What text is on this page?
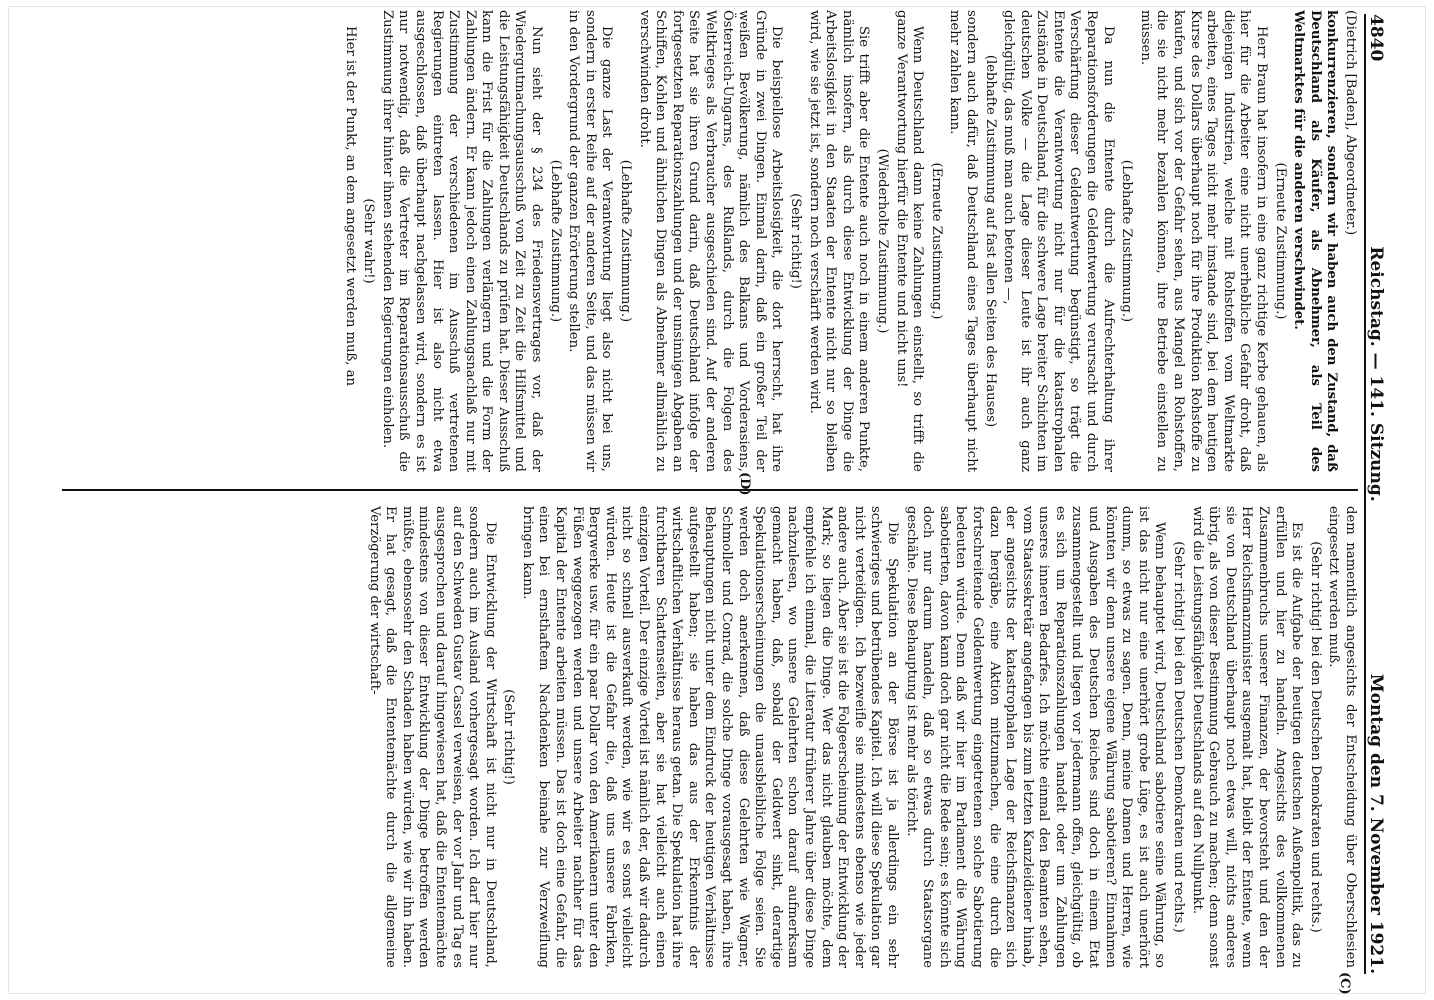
4840
Reichstag. — 141. Sitzung.
Montag den 7. November 1921.
(C)
(D)

(Dietrich [Baden], Abgeordneter.)

konkurrenzieren, sondern wir haben auch den Zustand, daß Deutschland als Käufer, als Abnehmer, als Teil des Weltmarktes für die anderen verschwindet.

(Erneute Zustimmung.)

Herr Braun hat insofern in eine ganz richtige Kerbe gehauen, als hier für die Arbeiter eine nicht unerhebliche Gefahr droht, daß diejenigen Industrien, welche mit Rohstoffen vom Weltmarkte arbeiten, eines Tages nicht mehr imstande sind, bei dem heutigen Kurse des Dollars überhaupt noch für ihre Produktion Rohstoffe zu kaufen, und sich vor der Gefahr sehen, aus Mangel an Rohstoffen, die sie nicht mehr bezahlen können, ihre Betriebe einstellen zu müssen.

(Lebhafte Zustimmung.)

Da nun die Entente durch die Aufrechterhaltung ihrer Reparationsforderungen die Geldentwertung verursacht und durch Verschärfung dieser Geldentwertung begünstigt, so trägt die Entente die Verantwortung nicht nur für die katastrophalen Zustände in Deutschland, für die schwere Lage breiter Schichten im deutschen Volke — die Lage dieser Leute ist ihr auch ganz gleichgültig, das muß man auch betonen —,

(lebhafte Zustimmung auf fast allen Seiten des Hauses)

sondern auch dafür, daß Deutschland eines Tages überhaupt nicht mehr zahlen kann.

(Erneute Zustimmung.)

Wenn Deutschland dann keine Zahlungen einstellt, so trifft die ganze Verantwortung hierfür die Entente und nicht uns!

(Wiederholte Zustimmung.)

Sie trifft aber die Entente auch noch in einem anderen Punkte, nämlich insofern, als durch diese Entwicklung der Dinge die Arbeitslosigkeit in den Staaten der Entente nicht nur so bleiben wird, wie sie jetzt ist, sondern noch verschärft werden wird.

(Sehr richtig!)

Die beispiellose Arbeitslosigkeit, die dort herrscht, hat ihre Gründe in zwei Dingen. Einmal darin, daß ein großer Teil der weißen Bevölkerung, nämlich des Balkans und Vorderasiens, Österreich-Ungarns, des Rußlands, durch die Folgen des Weltkrieges als Verbraucher ausgeschieden sind. Auf der anderen Seite hat sie ihren Grund darin, daß Deutschland infolge der fortgesetzten Reparationszahlungen und der unsinnigen Abgaben an Schiffen, Kohlen und ähnlichen Dingen als Abnehmer allmählich zu verschwinden droht.

(Lebhafte Zustimmung.)

Die ganze Last der Verantwortung liegt also nicht bei uns, sondern in erster Reihe auf der anderen Seite, und das müssen wir in den Vordergrund der ganzen Erörterung stellen.

(Lebhafte Zustimmung.)

Nun sieht der § 234 des Friedensvertrages vor, daß der Wiedergutmachungsausschuß von Zeit zu Zeit die Hilfsmittel und die Leistungsfähigkeit Deutschlands zu prüfen hat. Dieser Ausschuß kann die Frist für die Zahlungen verlängern und die Form der Zahlungen ändern. Er kann jedoch einen Zahlungsnachlaß nur mit Zustimmung der verschiedenen im Ausschuß vertretenen Regierungen eintreten lassen. Hier ist also nicht etwa ausgeschlossen, daß überhaupt nachgelassen wird, sondern es ist nur notwendig, daß die Vertreter im Reparationsausschuß die Zustimmung ihrer hinter ihnen stehenden Regierungen einholen.

(Sehr wahr!)

Hier ist der Punkt, an dem angesetzt werden muß, an

dem namentlich angesichts der Entscheidung über Oberschlesien eingesetzt werden muß.

(Sehr richtig! bei den Deutschen Demokraten und rechts.)

Es ist die Aufgabe der heutigen deutschen Außenpolitik, das zu erfüllen und hier zu handeln. Angesichts des vollkommenen Zusammenbruchs unserer Finanzen, der bevorsteht und den der Herr Reichsfinanzminister ausgemalt hat, bleibt der Entente, wenn sie von Deutschland überhaupt noch etwas will, nichts anderes übrig, als von dieser Bestimmung Gebrauch zu machen; denn sonst wird die Leistungsfähigkeit Deutschlands auf den Nullpunkt.

(Sehr richtig! bei den Deutschen Demokraten und rechts.)

Wenn behauptet wird, Deutschland sabotiere seine Währung, so ist das nicht nur eine unerhört grobe Lüge, es ist auch unerhört dumm, so etwas zu sagen. Denn, meine Damen und Herren, wie könnten wir denn unsere eigene Währung sabotieren? Einnahmen und Ausgaben des Deutschen Reiches sind doch in einem Etat zusammengestellt und liegen vor jedermann offen, gleichgültig, ob es sich um Reparationszahlungen handelt oder um Zahlungen unseres inneren Bedarfes. Ich möchte einmal den Beamten sehen, vom Staatssekretär angefangen bis zum letzten Kanzleidiener hinab, der angesichts der katastrophalen Lage der Reichsfinanzen sich dazu hergäbe, eine Aktion mitzumachen, die eine durch die fortschreitende Geldentwertung eingetretenen solche Sabotierung bedeuten würde. Denn daß wir hier im Parlament die Währung sabotierten, davon kann doch gar nicht die Rede sein; es könnte sich doch nur darum handeln, daß so etwas durch Staatsorgane geschähe. Diese Behauptung ist mehr als töricht.

Die Spekulation an der Börse ist ja allerdings ein sehr schwieriges und betrübendes Kapitel. Ich will diese Spekulation gar nicht verteidigen. Ich bezweifle sie mindestens ebenso wie jeder andere auch. Aber sie ist die Folgeerscheinung der Entwicklung der Mark; so liegen die Dinge. Wer das nicht glauben möchte, dem empfehle ich einmal, die Literatur früherer Jahre über diese Dinge nachzulesen, wo unsere Gelehrten schon darauf aufmerksam gemacht haben, daß, sobald der Geldwert sinkt, derartige Spekulationserscheinungen die unausbleibliche Folge seien. Sie werden doch anerkennen, daß diese Gelehrten wie Wagner, Schmoller und Conrad, die solche Dinge vorausgesagt haben, ihre Behauptungen nicht unter dem Eindruck der heutigen Verhältnisse aufgestellt haben; sie haben das aus der Erkenntnis der wirtschaftlichen Verhältnisse heraus getan. Die Spekulation hat ihre furchtbaren Schattenseiten, aber sie hat vielleicht auch einen einzigen Vorteil. Der einzige Vorteil ist nämlich der, daß wir dadurch nicht so schnell ausverkauft werden, wie wir es sonst vielleicht würden. Heute ist die Gefahr die, daß uns unsere Fabriken, Bergwerke usw. für ein paar Dollar von den Amerikanern unter den Füßen weggezogen werden und unsere Arbeiter nachher für das Kapital der Entente arbeiten müssen. Das ist doch eine Gefahr, die einen bei ernsthaftem Nachdenken beinahe zur Verzweiflung bringen kann.

(Sehr richtig!)

Die Entwicklung der Wirtschaft ist nicht nur in Deutschland, sondern auch im Ausland vorhergesagt worden. Ich darf hier nur auf den Schweden Gustav Cassel verweisen, der vor Jahr und Tag es ausgesprochen und darauf hingewiesen hat, daß die Ententemächte mindestens von dieser Entwicklung der Dinge betroffen werden müßte, ebensosehr den Schaden haben würden, wie wir ihn haben. Er hat gesagt, daß die Ententemächte durch die allgemeine Verzögerung der wirtschaft-
